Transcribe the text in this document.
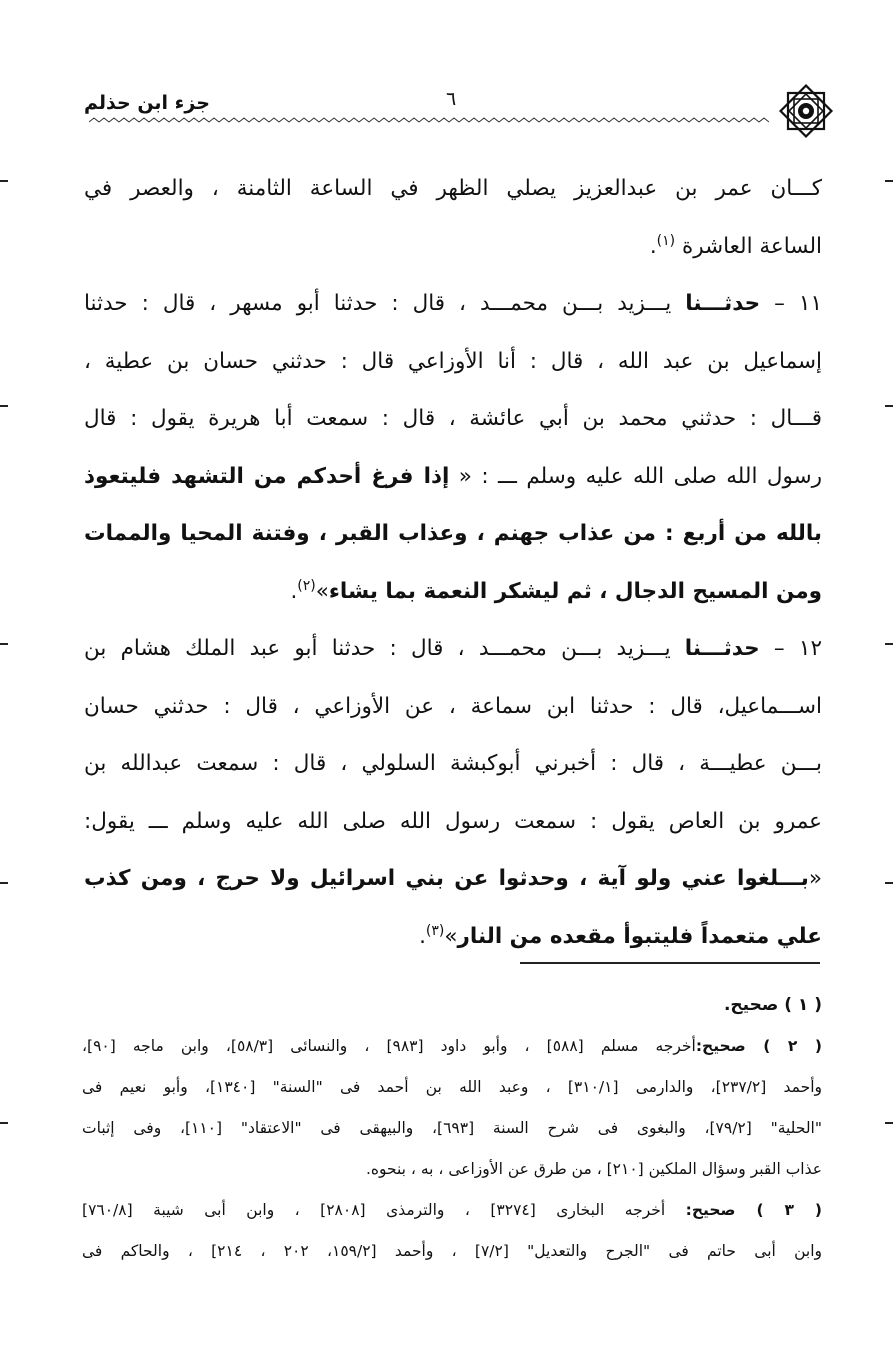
جزء ابن حذلم	٦

كـــان عمر بن عبدالعزيز يصلي الظهر في الساعة الثامنة ، والعصر في
الساعة العاشرة $^{(١)}$.

١١ – حدثـــنا يـــزيد بـــن محمـــد ، قال : حدثنا أبو مسهر ، قال : حدثنا
إسماعيل بن عبد الله ، قال : أنا الأوزاعي قال : حدثني حسان بن عطية ،
قـــال : حدثني محمد بن أبي عائشة ، قال : سمعت أبا هريرة يقول : قال
رسول الله صلى الله عليه وسلم ـــ : « إذا فرغ أحدكم من التشهد فليتعوذ
بالله من أربع : من عذاب جهنم ، وعذاب القبر ، وفتنة المحيا والممات
ومن المسيح الدجال ، ثم ليشكر النعمة بما يشاء»$^{(٢)}$.

١٢ – حدثـــنا يـــزيد بـــن محمـــد ، قال : حدثنا أبو عبد الملك هشام بن
اســـماعيل، قال : حدثنا ابن سماعة ، عن الأوزاعي ، قال : حدثني حسان
بـــن عطيـــة ، قال : أخبرني أبوكبشة السلولي ، قال : سمعت عبدالله بن
عمرو بن العاص يقول : سمعت رسول الله صلى الله عليه وسلم ـــ يقول:
«بـــلغوا عني ولو آية ، وحدثوا عن بني اسرائيل ولا حرج ، ومن كذب
علي متعمداً فليتبوأ مقعده من النار»$^{(٣)}$.

( ١ ) صحيح.
( ٢ ) صحيح:أخرجه مسلم [٥٨٨] ، وأبو داود [٩٨٣] ، والنسائى [٥٨/٣]، وابن ماجه [٩٠]،
وأحمد [٢٣٧/٢]، والدارمى [٣١٠/١] ، وعبد الله بن أحمد فى "السنة" [١٣٤٠]، وأبو نعيم فى
"الحلية" [٧٩/٢]، والبغوى فى شرح السنة [٦٩٣]، والبيهقى فى "الاعتقاد" [١١٠]، وفى إثبات
عذاب القبر وسؤال الملكين [٢١٠] ، من طرق عن الأوزاعى ، به ، بنحوه.
( ٣ ) صحيح: أخرجه البخارى [٣٢٧٤] ، والترمذى [٢٨٠٨] ، وابن أبى شيبة [٧٦٠/٨]
وابن أبى حاتم فى "الجرح والتعديل" [٧/٢] ، وأحمد [١٥٩/٢، ٢٠٢ ، ٢١٤] ، والحاكم فى
